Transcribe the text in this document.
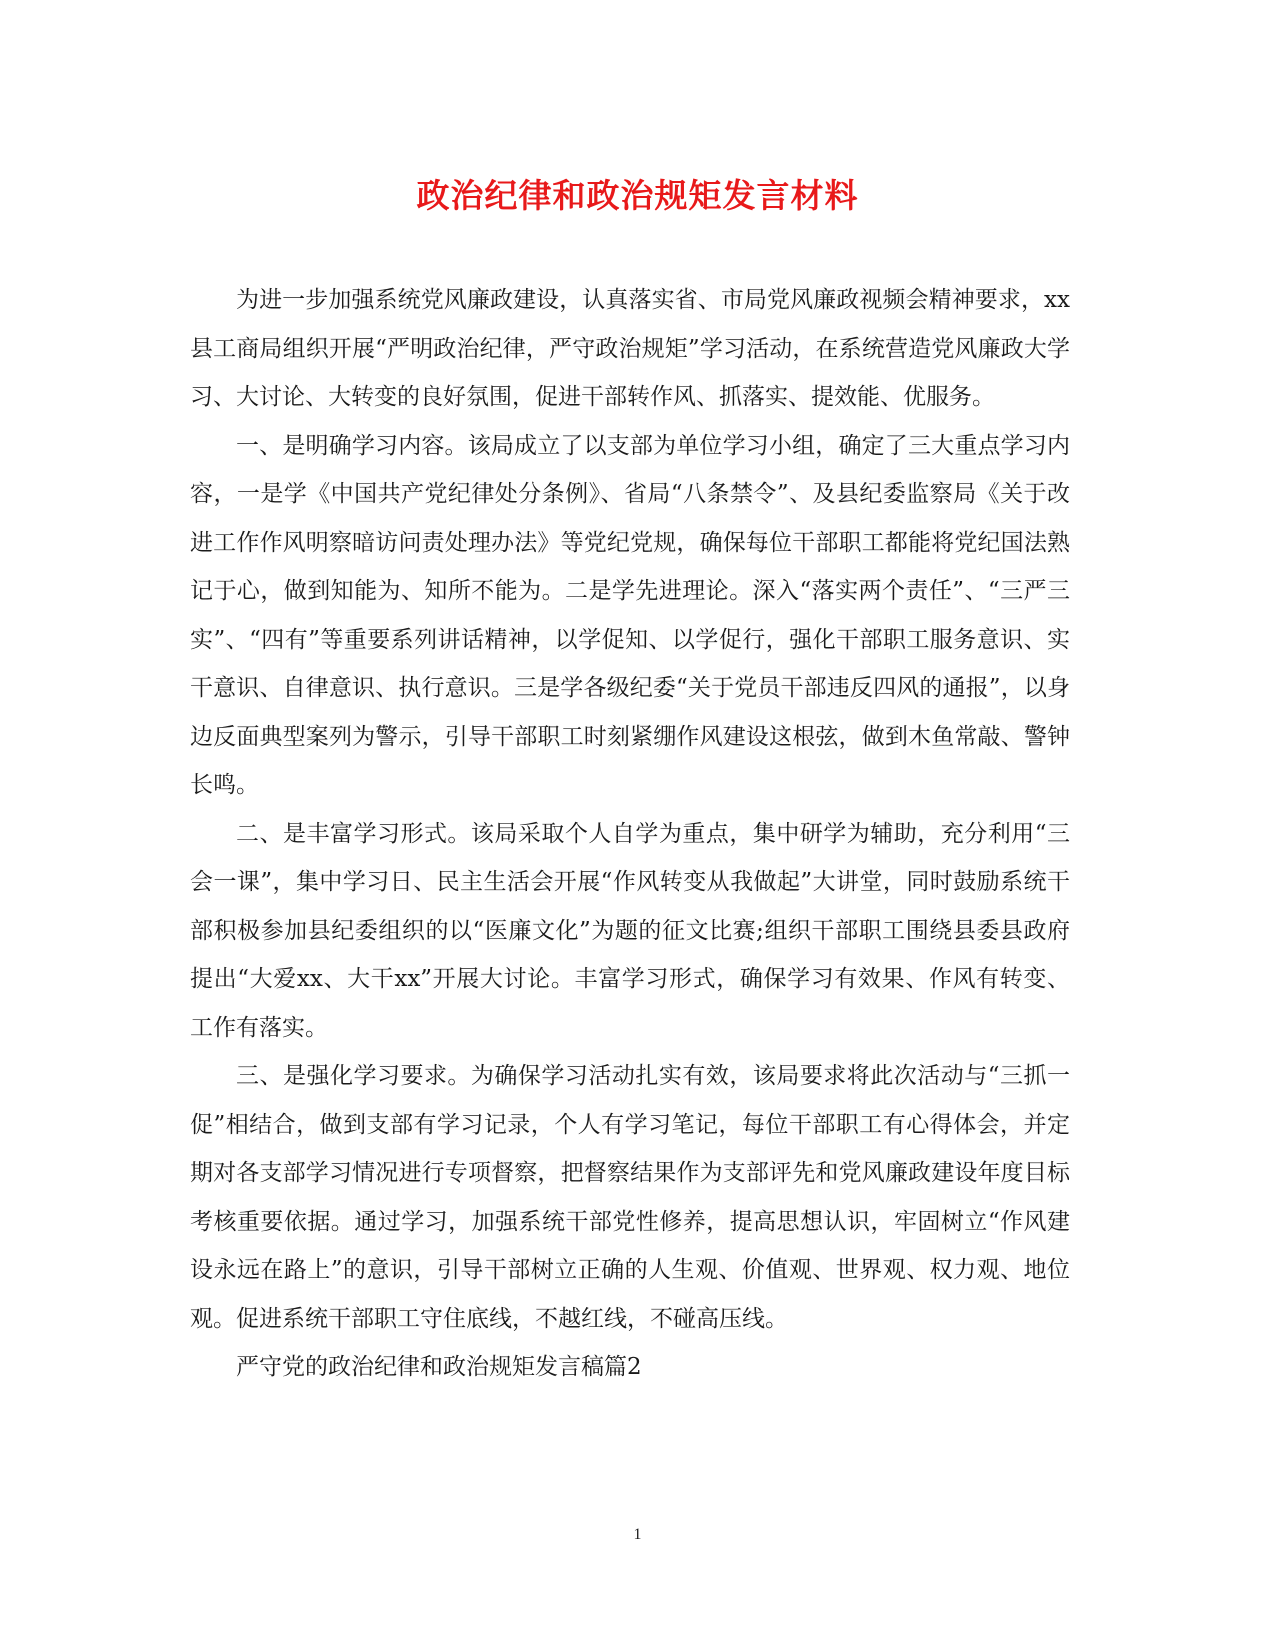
政治纪律和政治规矩发言材料

为进一步加强系统党风廉政建设，认真落实省、市局党风廉政视频会精神要求，xx县工商局组织开展“严明政治纪律，严守政治规矩”学习活动，在系统营造党风廉政大学习、大讨论、大转变的良好氛围，促进干部转作风、抓落实、提效能、优服务。

一、是明确学习内容。该局成立了以支部为单位学习小组，确定了三大重点学习内容，一是学《中国共产党纪律处分条例》、省局“八条禁令”、及县纪委监察局《关于改进工作作风明察暗访问责处理办法》等党纪党规，确保每位干部职工都能将党纪国法熟记于心，做到知能为、知所不能为。二是学先进理论。深入“落实两个责任”、“三严三实”、“四有”等重要系列讲话精神，以学促知、以学促行，强化干部职工服务意识、实干意识、自律意识、执行意识。三是学各级纪委“关于党员干部违反四风的通报”，以身边反面典型案列为警示，引导干部职工时刻紧绷作风建设这根弦，做到木鱼常敲、警钟长鸣。

二、是丰富学习形式。该局采取个人自学为重点，集中研学为辅助，充分利用“三会一课”，集中学习日、民主生活会开展“作风转变从我做起”大讲堂，同时鼓励系统干部积极参加县纪委组织的以“医廉文化”为题的征文比赛;组织干部职工围绕县委县政府提出“大爱xx、大干xx”开展大讨论。丰富学习形式，确保学习有效果、作风有转变、工作有落实。

三、是强化学习要求。为确保学习活动扎实有效，该局要求将此次活动与“三抓一促”相结合，做到支部有学习记录，个人有学习笔记，每位干部职工有心得体会，并定期对各支部学习情况进行专项督察，把督察结果作为支部评先和党风廉政建设年度目标考核重要依据。通过学习，加强系统干部党性修养，提高思想认识，牢固树立“作风建设永远在路上”的意识，引导干部树立正确的人生观、价值观、世界观、权力观、地位观。促进系统干部职工守住底线，不越红线，不碰高压线。

严守党的政治纪律和政治规矩发言稿篇2

1
